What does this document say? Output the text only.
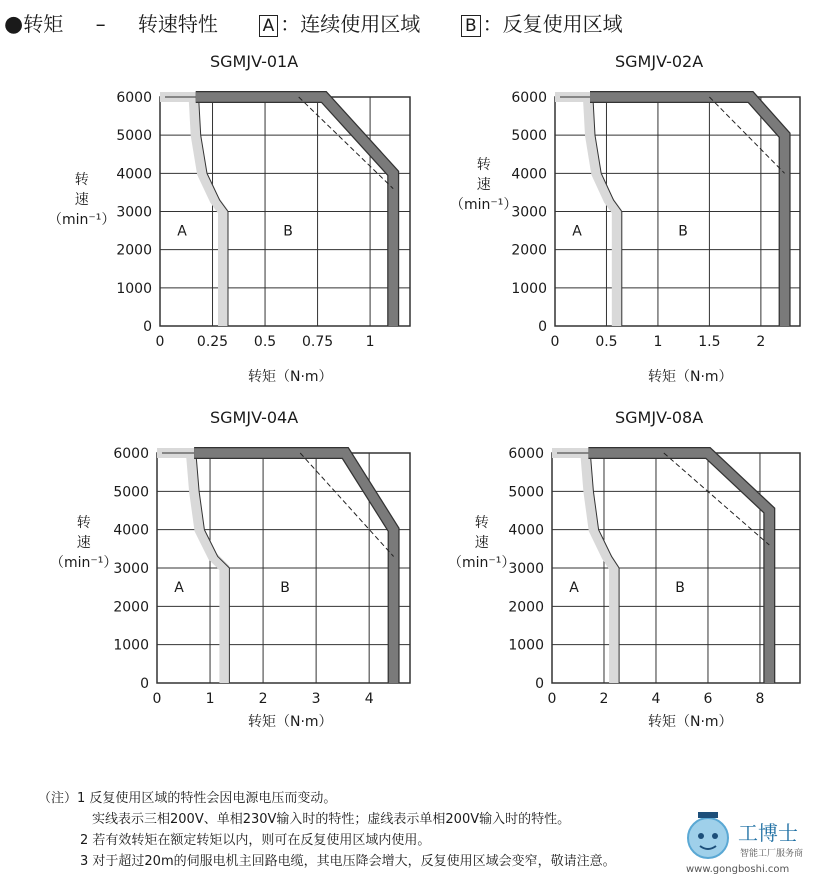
●转矩 – 转速特性	A ：连续使用区域	B ：反复使用区域
SGMJV-01A
转
速
（min⁻¹）
转矩（N·m）
0 0.25 0.5 0.75 1
0
1000
2000
3000
4000
5000
6000
A	B
SGMJV-02A
转
速
（min⁻¹）
转矩（N·m）
0	0.5	1	1.5	2
0
1000
2000
3000
4000
5000
6000
A	B
SGMJV-04A
转
速
（min⁻¹）
转矩（N·m）
0	1	2	3	4
0
1000
2000
3000
4000
5000
6000
A	B
SGMJV-08A
转
速
（min⁻¹）
转矩（N·m）
0	2	4	6	8
0
1000
2000
3000
4000
5000
6000
A	B
（注）1 反复使用区域的特性会因电源电压而变动。
实线表示三相200V、单相230V输入时的特性；虚线表示单相200V输入时的特性。
2 若有效转矩在额定转矩以内，则可在反复使用区域内使用。
3 对于超过20m的伺服电机主回路电缆，其电压降会增大，反复使用区域会变窄，敬请注意。
工博士
智能工厂服务商
www.gongboshi.com
